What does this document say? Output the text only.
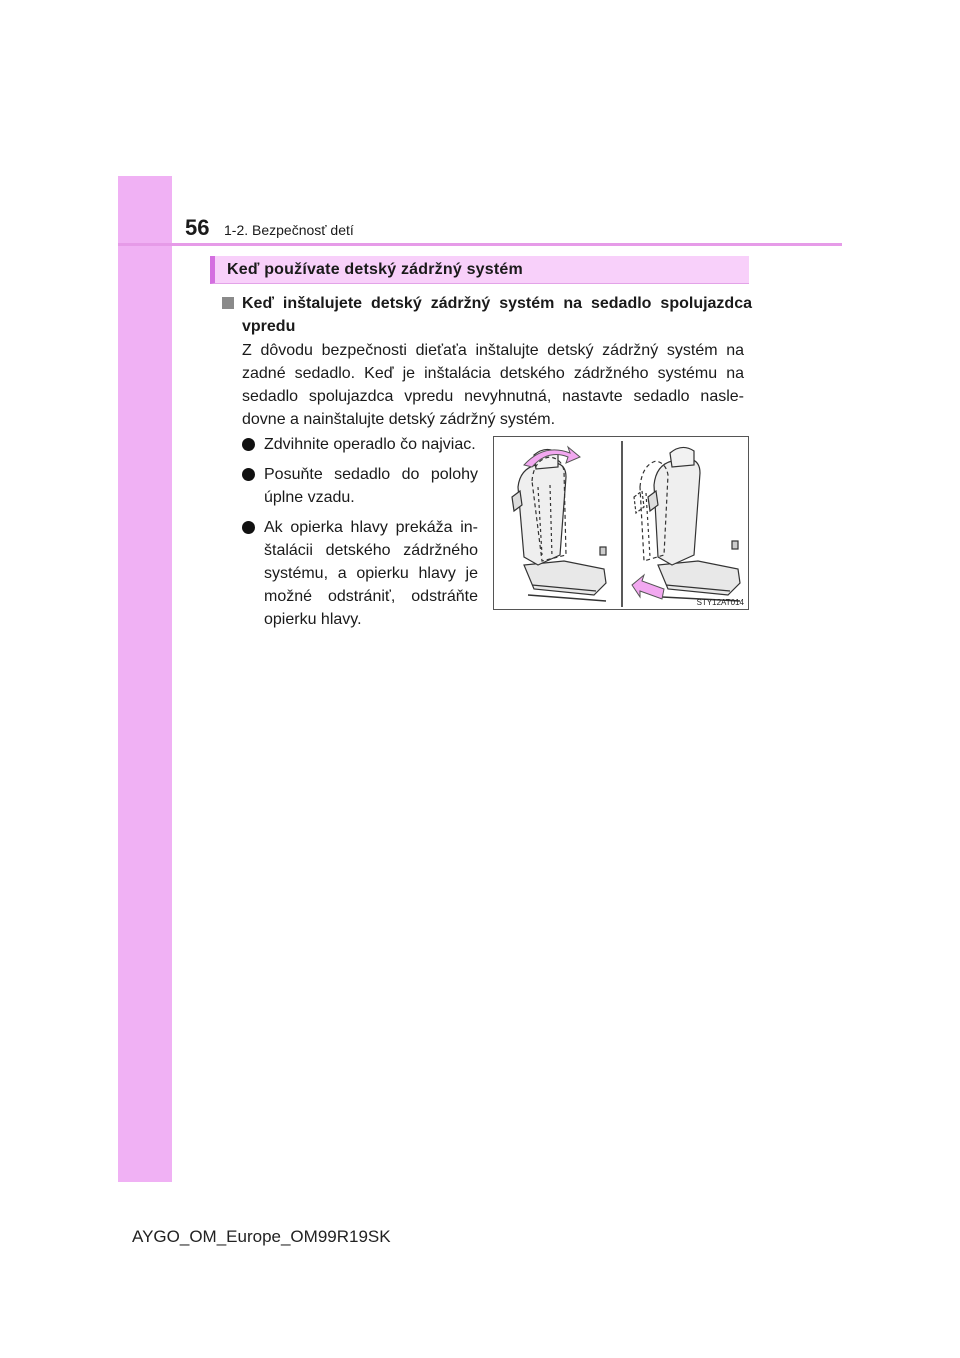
56 1-2. Bezpečnosť detí
Keď používate detský zádržný systém
Keď inštalujete detský zádržný systém na sedadlo spolujazdca vpredu
Z dôvodu bezpečnosti dieťaťa inštalujte detský zádržný systém na zadné sedadlo. Keď je inštalácia detského zádržného systému na sedadlo spolujazdca vpredu nevyhnutná, nastavte sedadlo nasle-dovne a nainštalujte detský zádržný systém.
Zdvihnite operadlo čo najviac.
Posuňte sedadlo do polohy úplne vzadu.
Ak opierka hlavy prekáža in-štalácii detského zádržného systému, a opierku hlavy je možné odstrániť, odstráňte opierku hlavy.
STY12AT014
AYGO_OM_Europe_OM99R19SK
